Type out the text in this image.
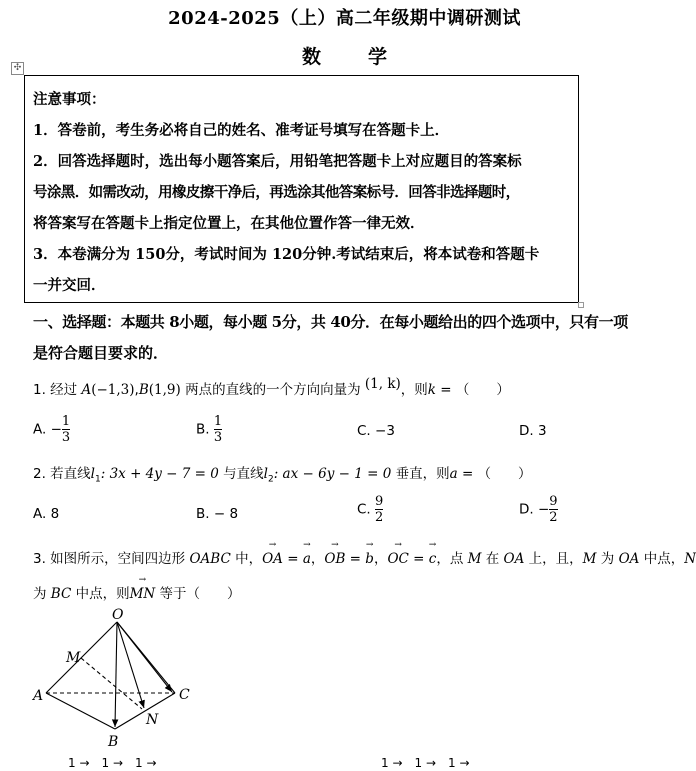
2024-2025（上）高二年级期中调研测试
数　学
✣

注意事项：

1．答卷前，考生务必将自己的姓名、准考证号填写在答题卡上．

2．回答选择题时，选出每小题答案后，用铅笔把答题卡上对应题目的答案标

号涂黑．如需改动，用橡皮擦干净后，再选涂其他答案标号．回答非选择题时，

将答案写在答题卡上指定位置上，在其他位置作答一律无效．

3．本卷满分为 150分，考试时间为 120分钟.考试结束后，将本试卷和答题卡

一并交回．

一、选择题：本题共 8小题，每小题 5分，共 40分．在每小题给出的四个选项中，只有一项
是符合题目要求的．
1. 经过 A(−1,3),B(1,9) 两点的直线的一个方向向量为 (1, k)，则k = （　　）
A. − $\frac{1}{3}$	B. $\frac{1}{3}$	C. −3	D. 3
2. 若直线$l_1$: 3x + 4y − 7 = 0 与直线$l_2$: ax − 6y − 1 = 0 垂直，则a = （　　）
A. 8	B. − 8	C. $\frac{9}{2}$	D. − $\frac{9}{2}$
3. 如图所示，空间四边形 OABC 中，→ OA = → a，→ OB = → b，→ OC = → c，点 M 在 OA 上，且，M 为 OA 中点，N
为 BC 中点，则→ MN 等于（　　）
O
M
A	C
N
B
1 →　1 →　1 →	1 →　1 →　1 →
